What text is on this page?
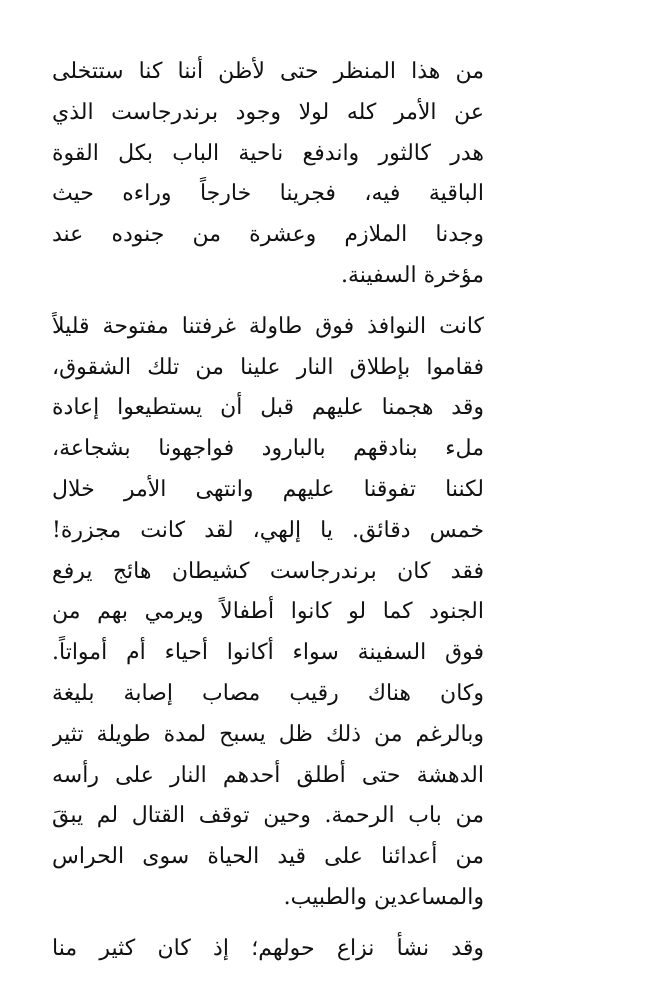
من هذا المنظر حتى لأظن أننا كنا ستتخلى
عن الأمر كله لولا وجود برندرجاست الذي
هدر كالثور واندفع ناحية الباب بكل القوة
الباقية فيه، فجرينا خارجاً وراءه حيث
وجدنا الملازم وعشرة من جنوده عند
مؤخرة السفينة.
كانت النوافذ فوق طاولة غرفتنا مفتوحة قليلاً
فقاموا بإطلاق النار علينا من تلك الشقوق،
وقد هجمنا عليهم قبل أن يستطيعوا إعادة
ملء بنادقهم بالبارود فواجهونا بشجاعة،
لكننا تفوقنا عليهم وانتهى الأمر خلال
خمس دقائق. يا إلهي، لقد كانت مجزرة!
فقد كان برندرجاست كشيطان هائج يرفع
الجنود كما لو كانوا أطفالاً ويرمي بهم من
فوق السفينة سواء أكانوا أحياء أم أمواتاً.
وكان هناك رقيب مصاب إصابة بليغة
وبالرغم من ذلك ظل يسبح لمدة طويلة تثير
الدهشة حتى أطلق أحدهم النار على رأسه
من باب الرحمة. وحين توقف القتال لم يبقَ
من أعدائنا على قيد الحياة سوى الحراس
والمساعدين والطبيب.
وقد نشأ نزاع حولهم؛ إذ كان كثير منا
